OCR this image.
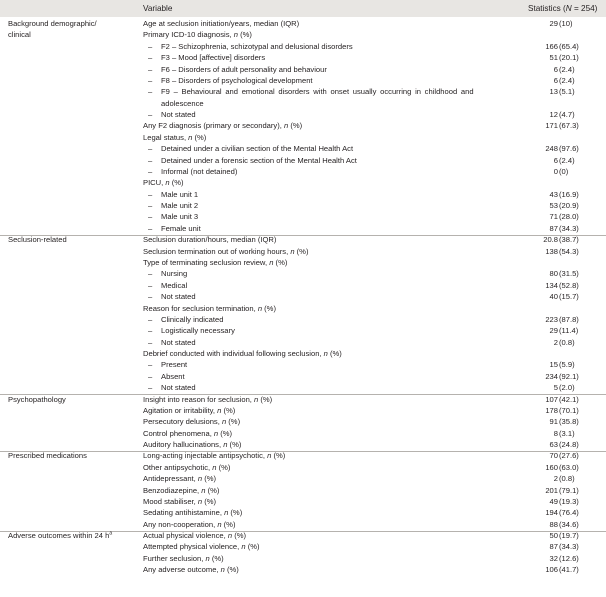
Variable	Statistics (N = 254)
Background demographic/	Age at seclusion initiation/years, median (IQR)	29 (10)
clinical	Primary ICD-10 diagnosis, n (%)
– F2 – Schizophrenia, schizotypal and delusional disorders	166 (65.4)
– F3 – Mood [affective] disorders	51 (20.1)
– F6 – Disorders of adult personality and behaviour	6 (2.4)
– F8 – Disorders of psychological development	6 (2.4)
– F9 – Behavioural and emotional disorders with onset usually occurring in childhood and	13 (5.1)
adolescence
– Not stated	12 (4.7)
Any F2 diagnosis (primary or secondary), n (%)	171 (67.3)
Legal status, n (%)
– Detained under a civilian section of the Mental Health Act	248 (97.6)
– Detained under a forensic section of the Mental Health Act	6 (2.4)
– Informal (not detained)	0 (0)
PICU, n (%)
– Male unit 1	43 (16.9)
– Male unit 2	53 (20.9)
– Male unit 3	71 (28.0)
– Female unit	87 (34.3)
Seclusion-related	Seclusion duration/hours, median (IQR)	20.8 (38.7)
Seclusion termination out of working hours, n (%)	138 (54.3)
Type of terminating seclusion review, n (%)
– Nursing	80 (31.5)
– Medical	134 (52.8)
– Not stated	40 (15.7)
Reason for seclusion termination, n (%)
– Clinically indicated	223 (87.8)
– Logistically necessary	29 (11.4)
– Not stated	2 (0.8)
Debrief conducted with individual following seclusion, n (%)
– Present	15 (5.9)
– Absent	234 (92.1)
– Not stated	5 (2.0)
Psychopathology	Insight into reason for seclusion, n (%)	107 (42.1)
Agitation or irritability, n (%)	178 (70.1)
Persecutory delusions, n (%)	91 (35.8)
Control phenomena, n (%)	8 (3.1)
Auditory hallucinations, n (%)	63 (24.8)
Prescribed medications	Long-acting injectable antipsychotic, n (%)	70 (27.6)
Other antipsychotic, n (%)	160 (63.0)
Antidepressant, n (%)	2 (0.8)
Benzodiazepine, n (%)	201 (79.1)
Mood stabiliser, n (%)	49 (19.3)
Sedating antihistamine, n (%)	194 (76.4)
Any non-cooperation, n (%)	88 (34.6)
Adverse outcomes within 24 $h^a$	Actual physical violence, n (%)	50 (19.7)
Attempted physical violence, n (%)	87 (34.3)
Further seclusion, n (%)	32 (12.6)
Any adverse outcome, n (%)	106 (41.7)
